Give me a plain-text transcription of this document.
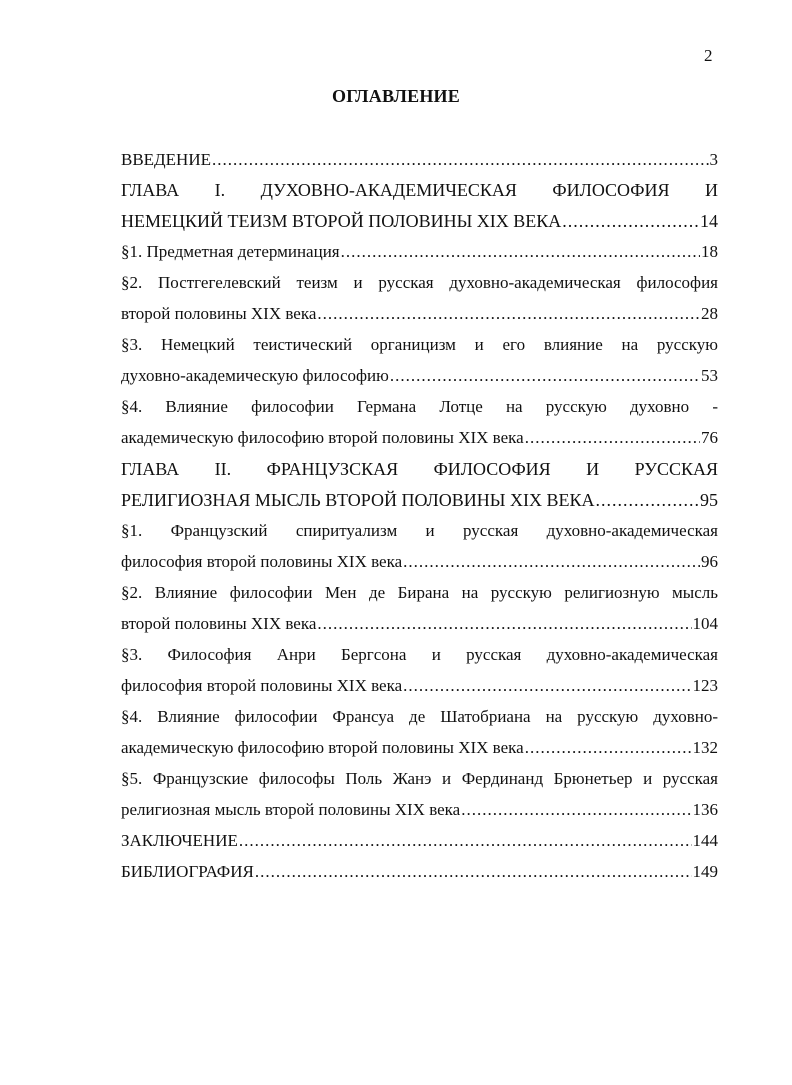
2
ОГЛАВЛЕНИЕ
ВВЕДЕНИЕ .....	3
ГЛАВА I. ДУХОВНО-АКАДЕМИЧЕСКАЯ ФИЛОСОФИЯ И
НЕМЕЦКИЙ ТЕИЗМ ВТОРОЙ ПОЛОВИНЫ XIX ВЕКА .....	14
§1. Предметная детерминация .....	18
§2. Постгегелевский теизм и русская духовно-академическая философия
второй половины XIX века .....	28
§3. Немецкий теистический органицизм и его влияние на русскую
духовно-академическую философию .....	53
§4. Влияние философии Германа Лотце на русскую духовно -
академическую философию второй половины XIX века .....	76
ГЛАВА II. ФРАНЦУЗСКАЯ ФИЛОСОФИЯ И РУССКАЯ
РЕЛИГИОЗНАЯ МЫСЛЬ ВТОРОЙ ПОЛОВИНЫ XIX ВЕКА .....	95
§1. Французский спиритуализм и русская духовно-академическая
философия второй половины XIX века .....	96
§2. Влияние философии Мен де Бирана на русскую религиозную мысль
второй половины XIX века .....	104
§3. Философия Анри Бергсона и русская духовно-академическая
философия второй половины XIX века .....	123
§4. Влияние философии Франсуа де Шатобриана на русскую духовно-
академическую философию второй половины XIX века .....	132
§5. Французские философы Поль Жанэ и Фердинанд Брюнетьер и русская
религиозная мысль второй половины XIX века .....	136
ЗАКЛЮЧЕНИЕ .....	144
БИБЛИОГРАФИЯ .....	149
